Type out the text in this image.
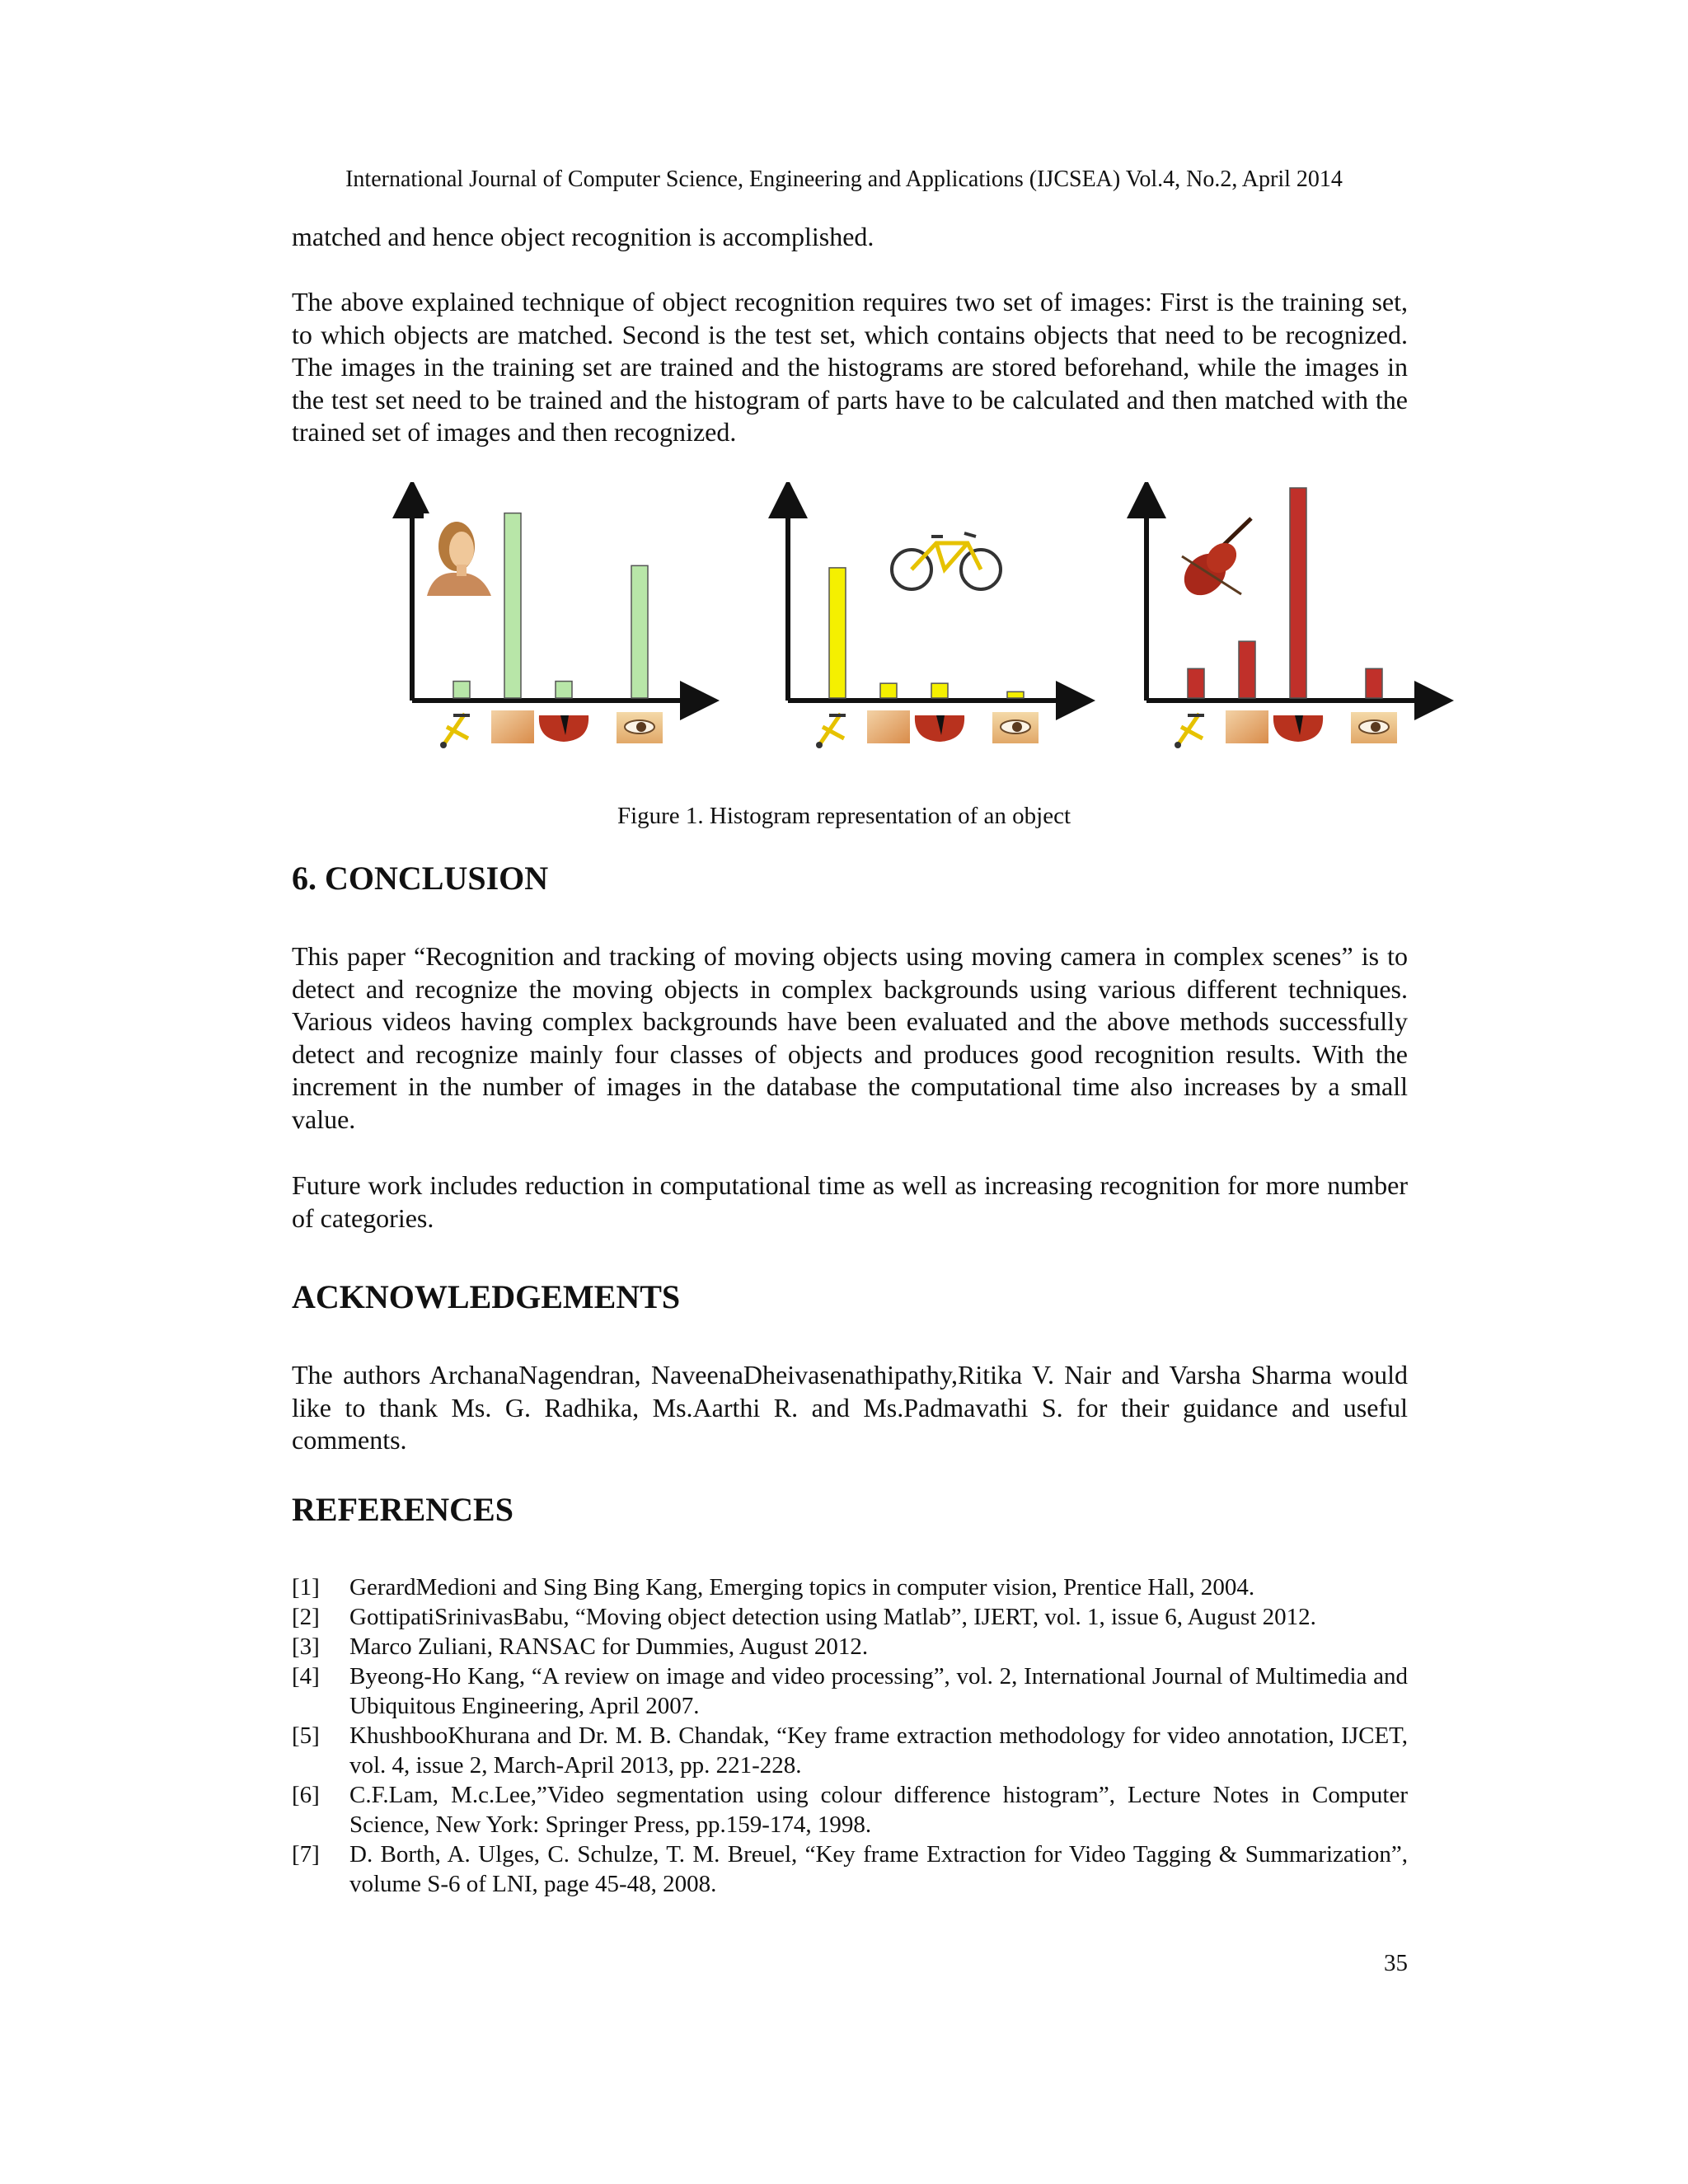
International Journal of Computer Science, Engineering and Applications (IJCSEA) Vol.4, No.2, April 2014

matched and hence object recognition is accomplished.

The above explained technique of object recognition requires two set of images: First is the training set, to which objects are matched. Second is the test set, which contains objects that need to be recognized. The images in the training set are trained and the histograms are stored beforehand, while the images in the test set need to be trained and the histogram of parts have to be calculated and then matched with the trained set of images and then recognized.

Figure 1. Histogram representation of an object
6. CONCLUSION

This paper “Recognition and tracking of moving objects using moving camera in complex scenes” is to detect and recognize the moving objects in complex backgrounds using various different techniques. Various videos having complex backgrounds have been evaluated and the above methods successfully detect and recognize mainly four classes of objects and produces good recognition results. With the increment in the number of images in the database the computational time also increases by a small value.

Future work includes reduction in computational time as well as increasing recognition for more number of categories.

ACKNOWLEDGEMENTS

The authors ArchanaNagendran, NaveenaDheivasenathipathy,Ritika V. Nair and Varsha Sharma would like to thank Ms. G. Radhika, Ms.Aarthi R. and Ms.Padmavathi S. for their guidance and useful comments.

REFERENCES
[1] GerardMedioni and Sing Bing Kang, Emerging topics in computer vision, Prentice Hall, 2004.
[2] GottipatiSrinivasBabu, “Moving object detection using Matlab”, IJERT, vol. 1, issue 6, August 2012.
[3] Marco Zuliani, RANSAC for Dummies, August 2012.
[4] Byeong-Ho Kang, “A review on image and video processing”, vol. 2, International Journal of Multimedia and Ubiquitous Engineering, April 2007.
[5] KhushbooKhurana and Dr. M. B. Chandak, “Key frame extraction methodology for video annotation, IJCET, vol. 4, issue 2, March-April 2013, pp. 221-228.
[6] C.F.Lam, M.c.Lee,”Video segmentation using colour difference histogram”, Lecture Notes in Computer Science, New York: Springer Press, pp.159-174, 1998.
[7] D. Borth, A. Ulges, C. Schulze, T. M. Breuel, “Key frame Extraction for Video Tagging & Summarization”, volume S-6 of LNI, page 45-48, 2008.
35
